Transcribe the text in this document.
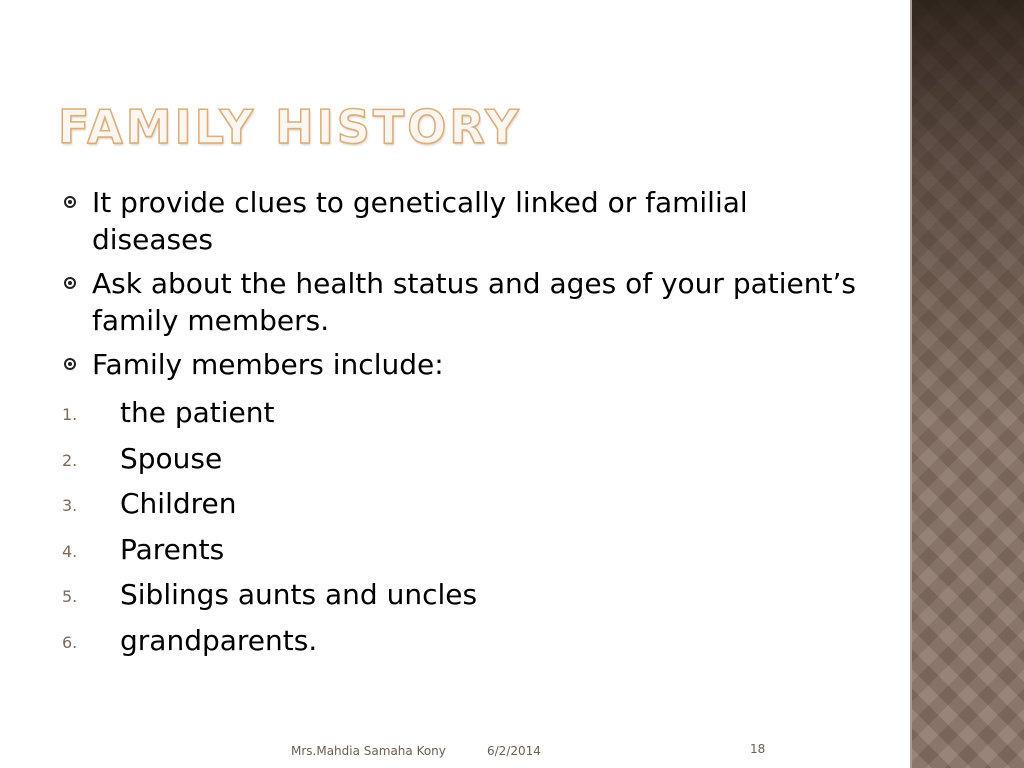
FAMILY HISTORY
It provide clues to genetically linked or familial diseases
Ask about the health status and ages of your patient’s family members.
Family members include:
1. the patient
2. Spouse
3. Children
4. Parents
5. Siblings aunts and uncles
6. grandparents.
Mrs.Mahdia Samaha Kony	6/2/2014	18
